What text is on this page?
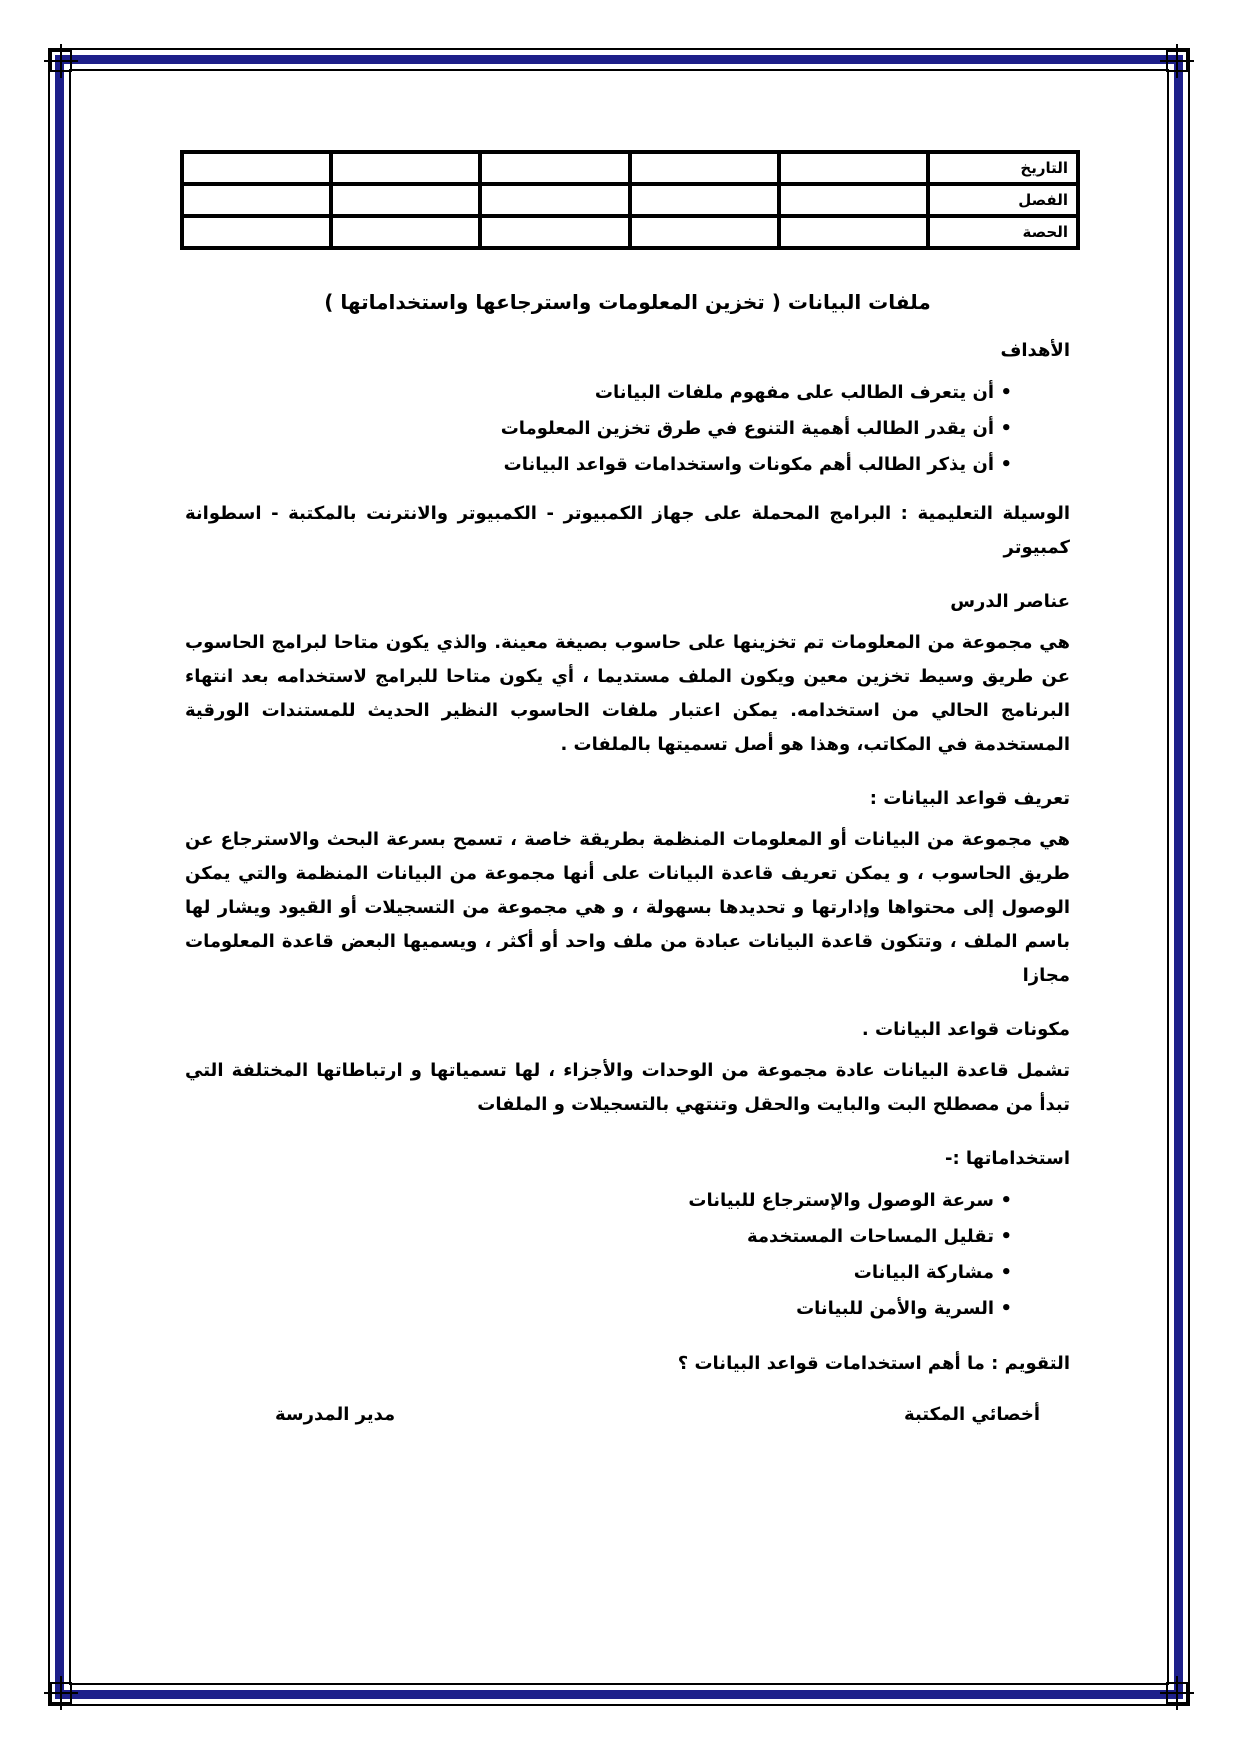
التاريخ					
الفصل					
الحصة					
ملفات البيانات ( تخزين المعلومات واسترجاعها واستخداماتها )
الأهداف
• أن يتعرف الطالب على مفهوم ملفات البيانات
• أن يقدر الطالب أهمية التنوع في طرق تخزين المعلومات
• أن يذكر الطالب أهم مكونات واستخدامات قواعد البيانات
الوسيلة التعليمية : البرامج المحملة على جهاز الكمبيوتر - الكمبيوتر والانترنت بالمكتبة - اسطوانة كمبيوتر
عناصر الدرس
هي مجموعة من المعلومات تم تخزينها على حاسوب بصيغة معينة. والذي يكون متاحا لبرامج الحاسوب عن طريق وسيط تخزين معين ويكون الملف مستديما ، أي يكون متاحا للبرامج لاستخدامه بعد انتهاء البرنامج الحالي من استخدامه. يمكن اعتبار ملفات الحاسوب النظير الحديث للمستندات الورقية المستخدمة في المكاتب، وهذا هو أصل تسميتها بالملفات .
تعريف قواعد البيانات :
هي مجموعة من البيانات أو المعلومات المنظمة بطريقة خاصة ، تسمح بسرعة البحث والاسترجاع عن طريق الحاسوب ، و يمكن تعريف قاعدة البيانات على أنها مجموعة من البيانات المنظمة والتي يمكن الوصول إلى محتواها وإدارتها و تحديدها بسهولة ، و هي مجموعة من التسجيلات أو القيود ويشار لها باسم الملف ، وتتكون قاعدة البيانات عبادة من ملف واحد أو أكثر ، ويسميها البعض قاعدة المعلومات مجازا
مكونات قواعد البيانات .
تشمل قاعدة البيانات عادة مجموعة من الوحدات والأجزاء ، لها تسمياتها و ارتباطاتها المختلفة التي تبدأ من مصطلح البت والبايت والحقل وتنتهي بالتسجيلات و الملفات
استخداماتها :-
• سرعة الوصول والإسترجاع للبيانات
• تقليل المساحات المستخدمة
• مشاركة البيانات
• السرية والأمن للبيانات
التقويم : ما أهم استخدامات قواعد البيانات ؟
أخصائي المكتبة
مدير المدرسة
